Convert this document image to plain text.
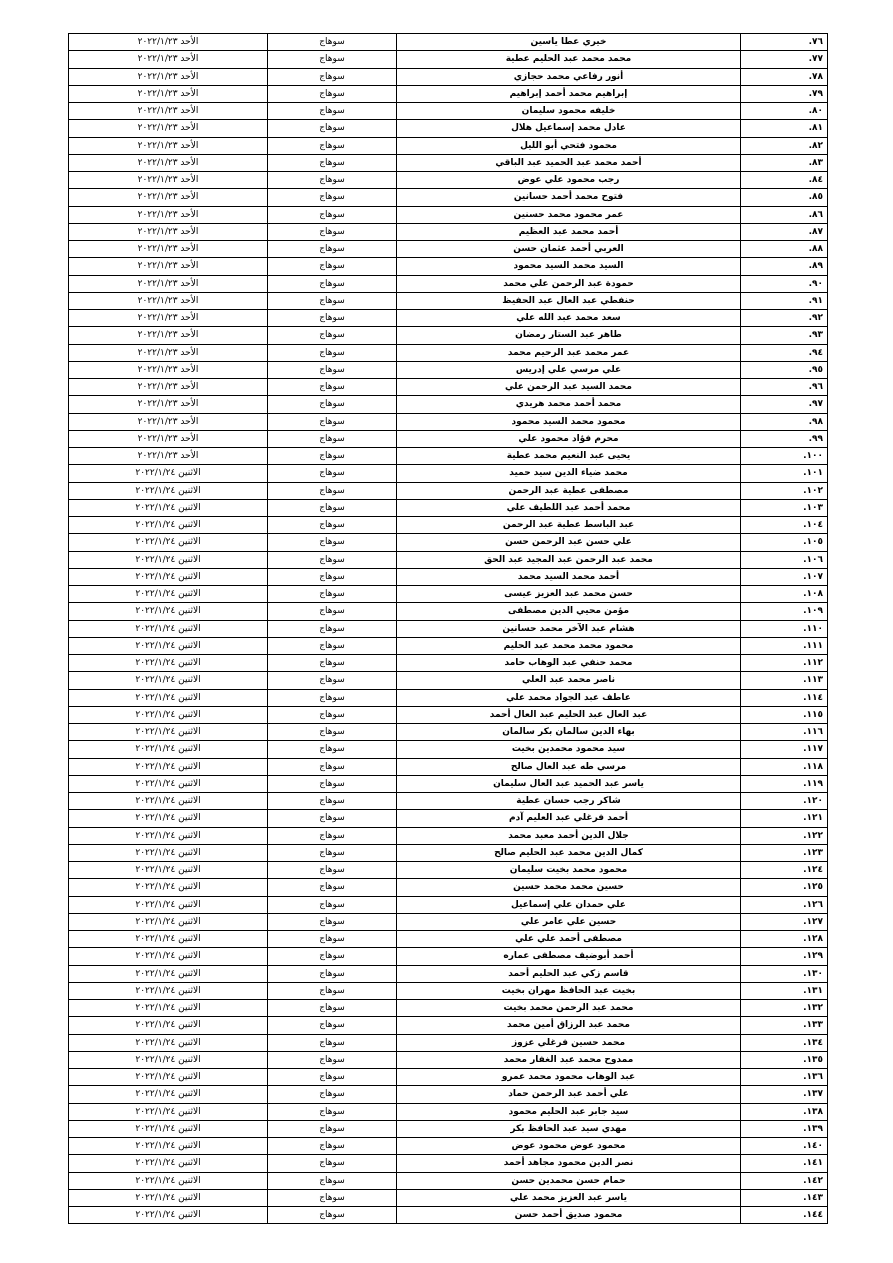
٧٦.	خيري عطا ياسين	سوهاج	الأحد ٢٠٢٢/١/٢٣
٧٧.	محمد محمد عبد الحليم عطية	سوهاج	الأحد ٢٠٢٢/١/٢٣
٧٨.	أنور رفاعي محمد حجازي	سوهاج	الأحد ٢٠٢٢/١/٢٣
٧٩.	إبراهيم محمد أحمد إبراهيم	سوهاج	الأحد ٢٠٢٢/١/٢٣
٨٠.	خليفه محمود سليمان	سوهاج	الأحد ٢٠٢٢/١/٢٣
٨١.	عادل محمد إسماعيل هلال	سوهاج	الأحد ٢٠٢٢/١/٢٣
٨٢.	محمود فتحي أبو الليل	سوهاج	الأحد ٢٠٢٢/١/٢٣
٨٣.	أحمد محمد عبد الحميد عبد الباقي	سوهاج	الأحد ٢٠٢٢/١/٢٣
٨٤.	رجب محمود علي عوض	سوهاج	الأحد ٢٠٢٢/١/٢٣
٨٥.	فتوح محمد أحمد حسانين	سوهاج	الأحد ٢٠٢٢/١/٢٣
٨٦.	عمر محمود محمد حسنين	سوهاج	الأحد ٢٠٢٢/١/٢٣
٨٧.	أحمد محمد عبد العظيم	سوهاج	الأحد ٢٠٢٢/١/٢٣
٨٨.	العربي أحمد عثمان حسن	سوهاج	الأحد ٢٠٢٢/١/٢٣
٨٩.	السيد محمد السيد محمود	سوهاج	الأحد ٢٠٢٢/١/٢٣
٩٠.	حمودة عبد الرحمن علي محمد	سوهاج	الأحد ٢٠٢٢/١/٢٣
٩١.	حنفطي عبد العال عبد الحفيظ	سوهاج	الأحد ٢٠٢٢/١/٢٣
٩٢.	سعد محمد عبد الله علي	سوهاج	الأحد ٢٠٢٢/١/٢٣
٩٣.	طاهر عبد الستار رمضان	سوهاج	الأحد ٢٠٢٢/١/٢٣
٩٤.	عمر محمد عبد الرحيم محمد	سوهاج	الأحد ٢٠٢٢/١/٢٣
٩٥.	علي مرسي علي إدريس	سوهاج	الأحد ٢٠٢٢/١/٢٣
٩٦.	محمد السيد عبد الرحمن علي	سوهاج	الأحد ٢٠٢٢/١/٢٣
٩٧.	محمد أحمد محمد هريدي	سوهاج	الأحد ٢٠٢٢/١/٢٣
٩٨.	محمود محمد السيد محمود	سوهاج	الأحد ٢٠٢٢/١/٢٣
٩٩.	محرم فؤاد محمود علي	سوهاج	الأحد ٢٠٢٢/١/٢٣
١٠٠.	يحيى عبد النعيم محمد عطية	سوهاج	الأحد ٢٠٢٢/١/٢٣
١٠١.	محمد ضياء الدين سيد حميد	سوهاج	الاثنين ٢٠٢٢/١/٢٤
١٠٢.	مصطفى عطية عبد الرحمن	سوهاج	الاثنين ٢٠٢٢/١/٢٤
١٠٣.	محمد أحمد عبد اللطيف علي	سوهاج	الاثنين ٢٠٢٢/١/٢٤
١٠٤.	عبد الباسط عطية عبد الرحمن	سوهاج	الاثنين ٢٠٢٢/١/٢٤
١٠٥.	علي حسن عبد الرحمن حسن	سوهاج	الاثنين ٢٠٢٢/١/٢٤
١٠٦.	محمد عبد الرحمن عبد المجيد عبد الحق	سوهاج	الاثنين ٢٠٢٢/١/٢٤
١٠٧.	أحمد محمد السيد محمد	سوهاج	الاثنين ٢٠٢٢/١/٢٤
١٠٨.	حسن محمد عبد العزيز عيسى	سوهاج	الاثنين ٢٠٢٢/١/٢٤
١٠٩.	مؤمن محيي الدين مصطفى	سوهاج	الاثنين ٢٠٢٢/١/٢٤
١١٠.	هشام عبد الآخر محمد حسانين	سوهاج	الاثنين ٢٠٢٢/١/٢٤
١١١.	محمود محمد محمد عبد الحليم	سوهاج	الاثنين ٢٠٢٢/١/٢٤
١١٢.	محمد حنفي عبد الوهاب حامد	سوهاج	الاثنين ٢٠٢٢/١/٢٤
١١٣.	ناصر محمد عبد العلي	سوهاج	الاثنين ٢٠٢٢/١/٢٤
١١٤.	عاطف عبد الجواد محمد علي	سوهاج	الاثنين ٢٠٢٢/١/٢٤
١١٥.	عبد العال عبد الحليم عبد العال أحمد	سوهاج	الاثنين ٢٠٢٢/١/٢٤
١١٦.	بهاء الدين سالمان بكر سالمان	سوهاج	الاثنين ٢٠٢٢/١/٢٤
١١٧.	سيد محمود محمدين بخيت	سوهاج	الاثنين ٢٠٢٢/١/٢٤
١١٨.	مرسي طه عبد العال صالح	سوهاج	الاثنين ٢٠٢٢/١/٢٤
١١٩.	ياسر عبد الحميد عبد العال سليمان	سوهاج	الاثنين ٢٠٢٢/١/٢٤
١٢٠.	شاكر رجب حسان عطية	سوهاج	الاثنين ٢٠٢٢/١/٢٤
١٢١.	أحمد فرغلي عبد العليم آدم	سوهاج	الاثنين ٢٠٢٢/١/٢٤
١٢٢.	جلال الدين أحمد معبد محمد	سوهاج	الاثنين ٢٠٢٢/١/٢٤
١٢٣.	كمال الدين محمد عبد الحليم صالح	سوهاج	الاثنين ٢٠٢٢/١/٢٤
١٢٤.	محمود محمد بخيت سليمان	سوهاج	الاثنين ٢٠٢٢/١/٢٤
١٢٥.	حسين محمد محمد حسين	سوهاج	الاثنين ٢٠٢٢/١/٢٤
١٢٦.	علي حمدان علي إسماعيل	سوهاج	الاثنين ٢٠٢٢/١/٢٤
١٢٧.	حسين علي عامر علي	سوهاج	الاثنين ٢٠٢٢/١/٢٤
١٢٨.	مصطفى أحمد علي علي	سوهاج	الاثنين ٢٠٢٢/١/٢٤
١٢٩.	أحمد أبوضيف مصطفى عماره	سوهاج	الاثنين ٢٠٢٢/١/٢٤
١٣٠.	قاسم زكي عبد الحليم أحمد	سوهاج	الاثنين ٢٠٢٢/١/٢٤
١٣١.	بخيت عبد الحافظ مهران بخيت	سوهاج	الاثنين ٢٠٢٢/١/٢٤
١٣٢.	محمد عبد الرحمن محمد بخيت	سوهاج	الاثنين ٢٠٢٢/١/٢٤
١٣٣.	محمد عبد الرزاق أمين محمد	سوهاج	الاثنين ٢٠٢٢/١/٢٤
١٣٤.	محمد حسين فرغلي عزوز	سوهاج	الاثنين ٢٠٢٢/١/٢٤
١٣٥.	ممدوح محمد عبد الغفار محمد	سوهاج	الاثنين ٢٠٢٢/١/٢٤
١٣٦.	عبد الوهاب محمود محمد عمرو	سوهاج	الاثنين ٢٠٢٢/١/٢٤
١٣٧.	علي أحمد عبد الرحمن حماد	سوهاج	الاثنين ٢٠٢٢/١/٢٤
١٣٨.	سيد جابر عبد الحليم محمود	سوهاج	الاثنين ٢٠٢٢/١/٢٤
١٣٩.	مهدي سيد عبد الحافظ بكر	سوهاج	الاثنين ٢٠٢٢/١/٢٤
١٤٠.	محمود عوض محمود عوض	سوهاج	الاثنين ٢٠٢٢/١/٢٤
١٤١.	نصر الدين محمود مجاهد أحمد	سوهاج	الاثنين ٢٠٢٢/١/٢٤
١٤٢.	حمام حسن محمدين حسن	سوهاج	الاثنين ٢٠٢٢/١/٢٤
١٤٣.	ياسر عبد العزيز محمد علي	سوهاج	الاثنين ٢٠٢٢/١/٢٤
١٤٤.	محمود صديق أحمد حسن	سوهاج	الاثنين ٢٠٢٢/١/٢٤
